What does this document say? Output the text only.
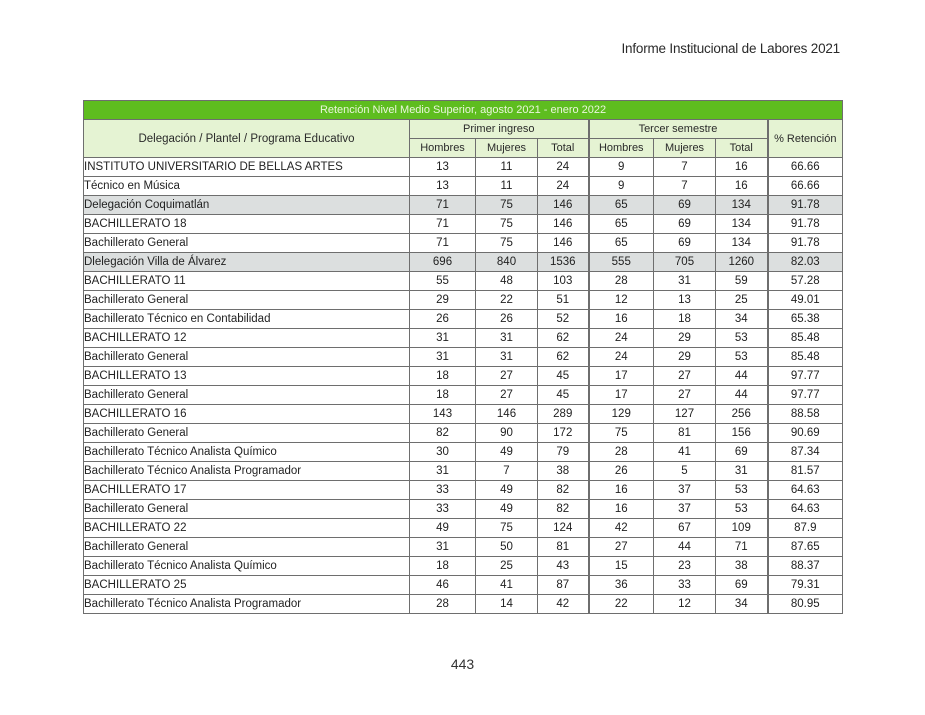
Informe Institucional de Labores 2021
Retención Nivel Medio Superior, agosto 2021 - enero 2022							
Delegación / Plantel / Programa Educativo	Primer ingreso			Tercer semestre			% Retención
	Hombres	Mujeres	Total	Hombres	Mujeres	Total	
INSTITUTO UNIVERSITARIO DE BELLAS ARTES	13	11	24	9	7	16	66.66
Técnico en Música	13	11	24	9	7	16	66.66
Delegación Coquimatlán	71	75	146	65	69	134	91.78
BACHILLERATO 18	71	75	146	65	69	134	91.78
Bachillerato General	71	75	146	65	69	134	91.78
Dlelegación Villa de Álvarez	696	840	1536	555	705	1260	82.03
BACHILLERATO 11	55	48	103	28	31	59	57.28
Bachillerato General	29	22	51	12	13	25	49.01
Bachillerato Técnico en Contabilidad	26	26	52	16	18	34	65.38
BACHILLERATO 12	31	31	62	24	29	53	85.48
Bachillerato General	31	31	62	24	29	53	85.48
BACHILLERATO 13	18	27	45	17	27	44	97.77
Bachillerato General	18	27	45	17	27	44	97.77
BACHILLERATO 16	143	146	289	129	127	256	88.58
Bachillerato General	82	90	172	75	81	156	90.69
Bachillerato Técnico Analista Químico	30	49	79	28	41	69	87.34
Bachillerato Técnico Analista Programador	31	7	38	26	5	31	81.57
BACHILLERATO 17	33	49	82	16	37	53	64.63
Bachillerato General	33	49	82	16	37	53	64.63
BACHILLERATO 22	49	75	124	42	67	109	87.9
Bachillerato General	31	50	81	27	44	71	87.65
Bachillerato Técnico Analista Químico	18	25	43	15	23	38	88.37
BACHILLERATO 25	46	41	87	36	33	69	79.31
Bachillerato Técnico Analista Programador	28	14	42	22	12	34	80.95
443
